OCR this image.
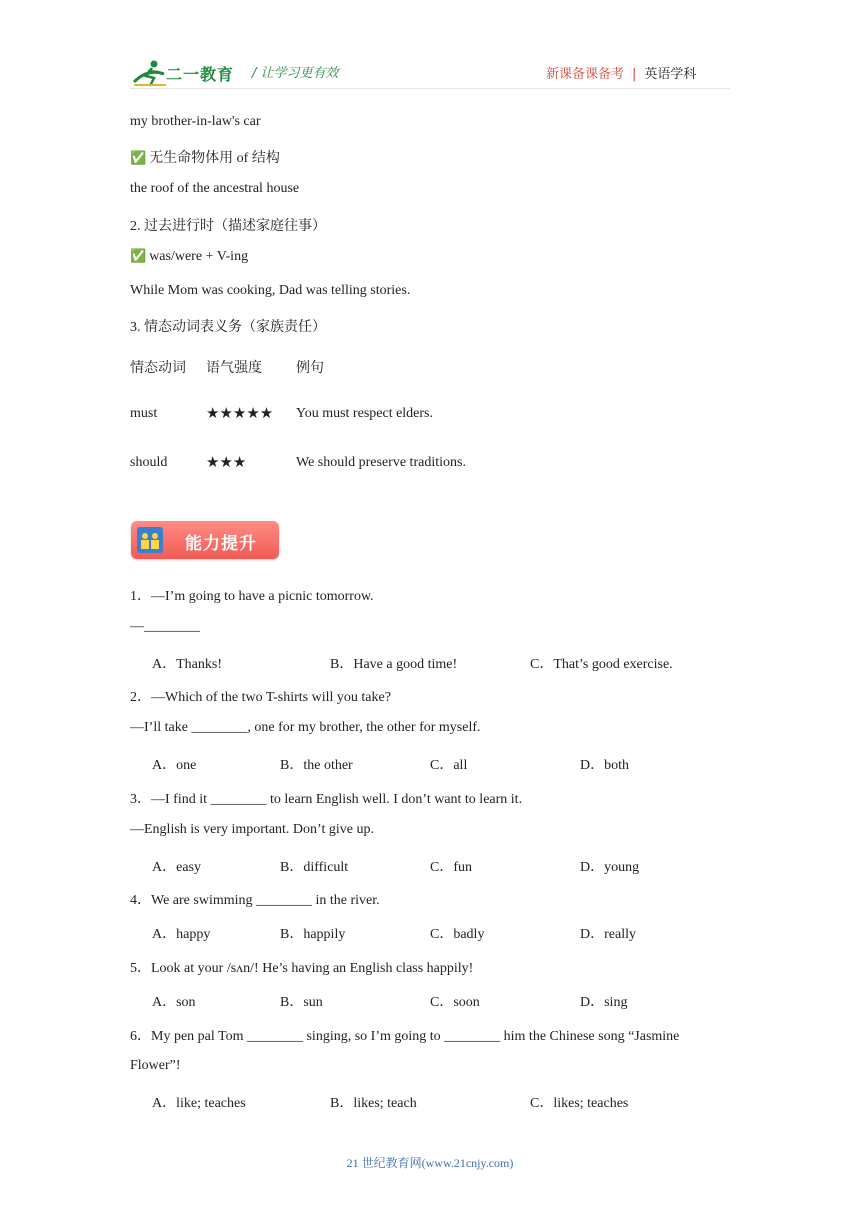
二一教育 / 让学习更有效	新课备课备考 | 英语学科
my brother-in-law's car
✅ 无生命物体用 of 结构
the roof of the ancestral house
2. 过去进行时（描述家庭往事）
✅ was/were + V-ing
While Mom was cooking, Dad was telling stories.
3. 情态动词表义务（家族责任）
情态动词 语气强度 例句
must	★★★★★ You must respect elders.
should	★★★	We should preserve traditions.
能力提升
1．—I’m going to have a picnic tomorrow.
—________
A．Thanks!	B．Have a good time!	C．That’s good exercise.
2．—Which of the two T-shirts will you take?
—I’ll take ________, one for my brother, the other for myself.
A．one	B．the other	C．all	D．both
3．—I find it ________ to learn English well. I don’t want to learn it.
—English is very important. Don’t give up.
A．easy	B．difficult	C．fun	D．young
4．We are swimming ________ in the river.
A．happy	B．happily	C．badly	D．really
5．Look at your /sʌn/! He’s having an English class happily!
A．son	B．sun	C．soon	D．sing
6．My pen pal Tom ________ singing, so I’m going to ________ him the Chinese song “Jasmine
Flower”!
A．like; teaches	B．likes; teach	C．likes; teaches
21 世纪教育网(www.21cnjy.com)
